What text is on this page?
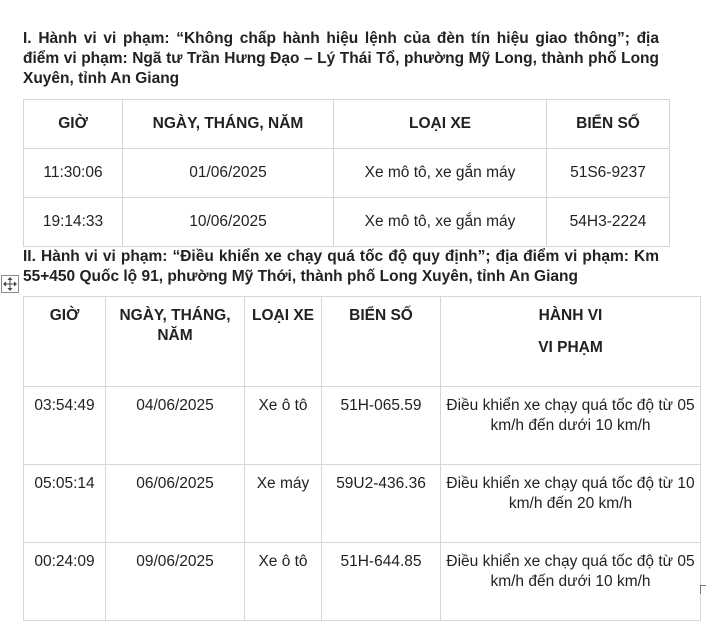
I. Hành vi vi phạm: “Không chấp hành hiệu lệnh của đèn tín hiệu giao thông”; địa điểm vi phạm: Ngã tư Trần Hưng Đạo – Lý Thái Tổ, phường Mỹ Long, thành phố Long Xuyên, tỉnh An Giang

GIỜ	NGÀY, THÁNG, NĂM	LOẠI XE	BIỂN SỐ
11:30:06	01/06/2025	Xe mô tô, xe gắn máy	51S6-9237
19:14:33	10/06/2025	Xe mô tô, xe gắn máy	54H3-2224

II. Hành vi vi phạm: “Điều khiển xe chạy quá tốc độ quy định”; địa điểm vi phạm: Km 55+450 Quốc lộ 91, phường Mỹ Thới, thành phố Long Xuyên, tỉnh An Giang

GIỜ	NGÀY, THÁNG, NĂM	LOẠI XE	BIỂN SỐ	HÀNH VI
VI PHẠM

03:54:49	04/06/2025	Xe ô tô	51H-065.59	Điều khiển xe chạy quá tốc độ từ 05 km/h đến dưới 10 km/h
05:05:14	06/06/2025	Xe máy	59U2-436.36	Điều khiển xe chạy quá tốc độ từ 10 km/h đến 20 km/h
00:24:09	09/06/2025	Xe ô tô	51H-644.85	Điều khiển xe chạy quá tốc độ từ 05 km/h đến dưới 10 km/h
